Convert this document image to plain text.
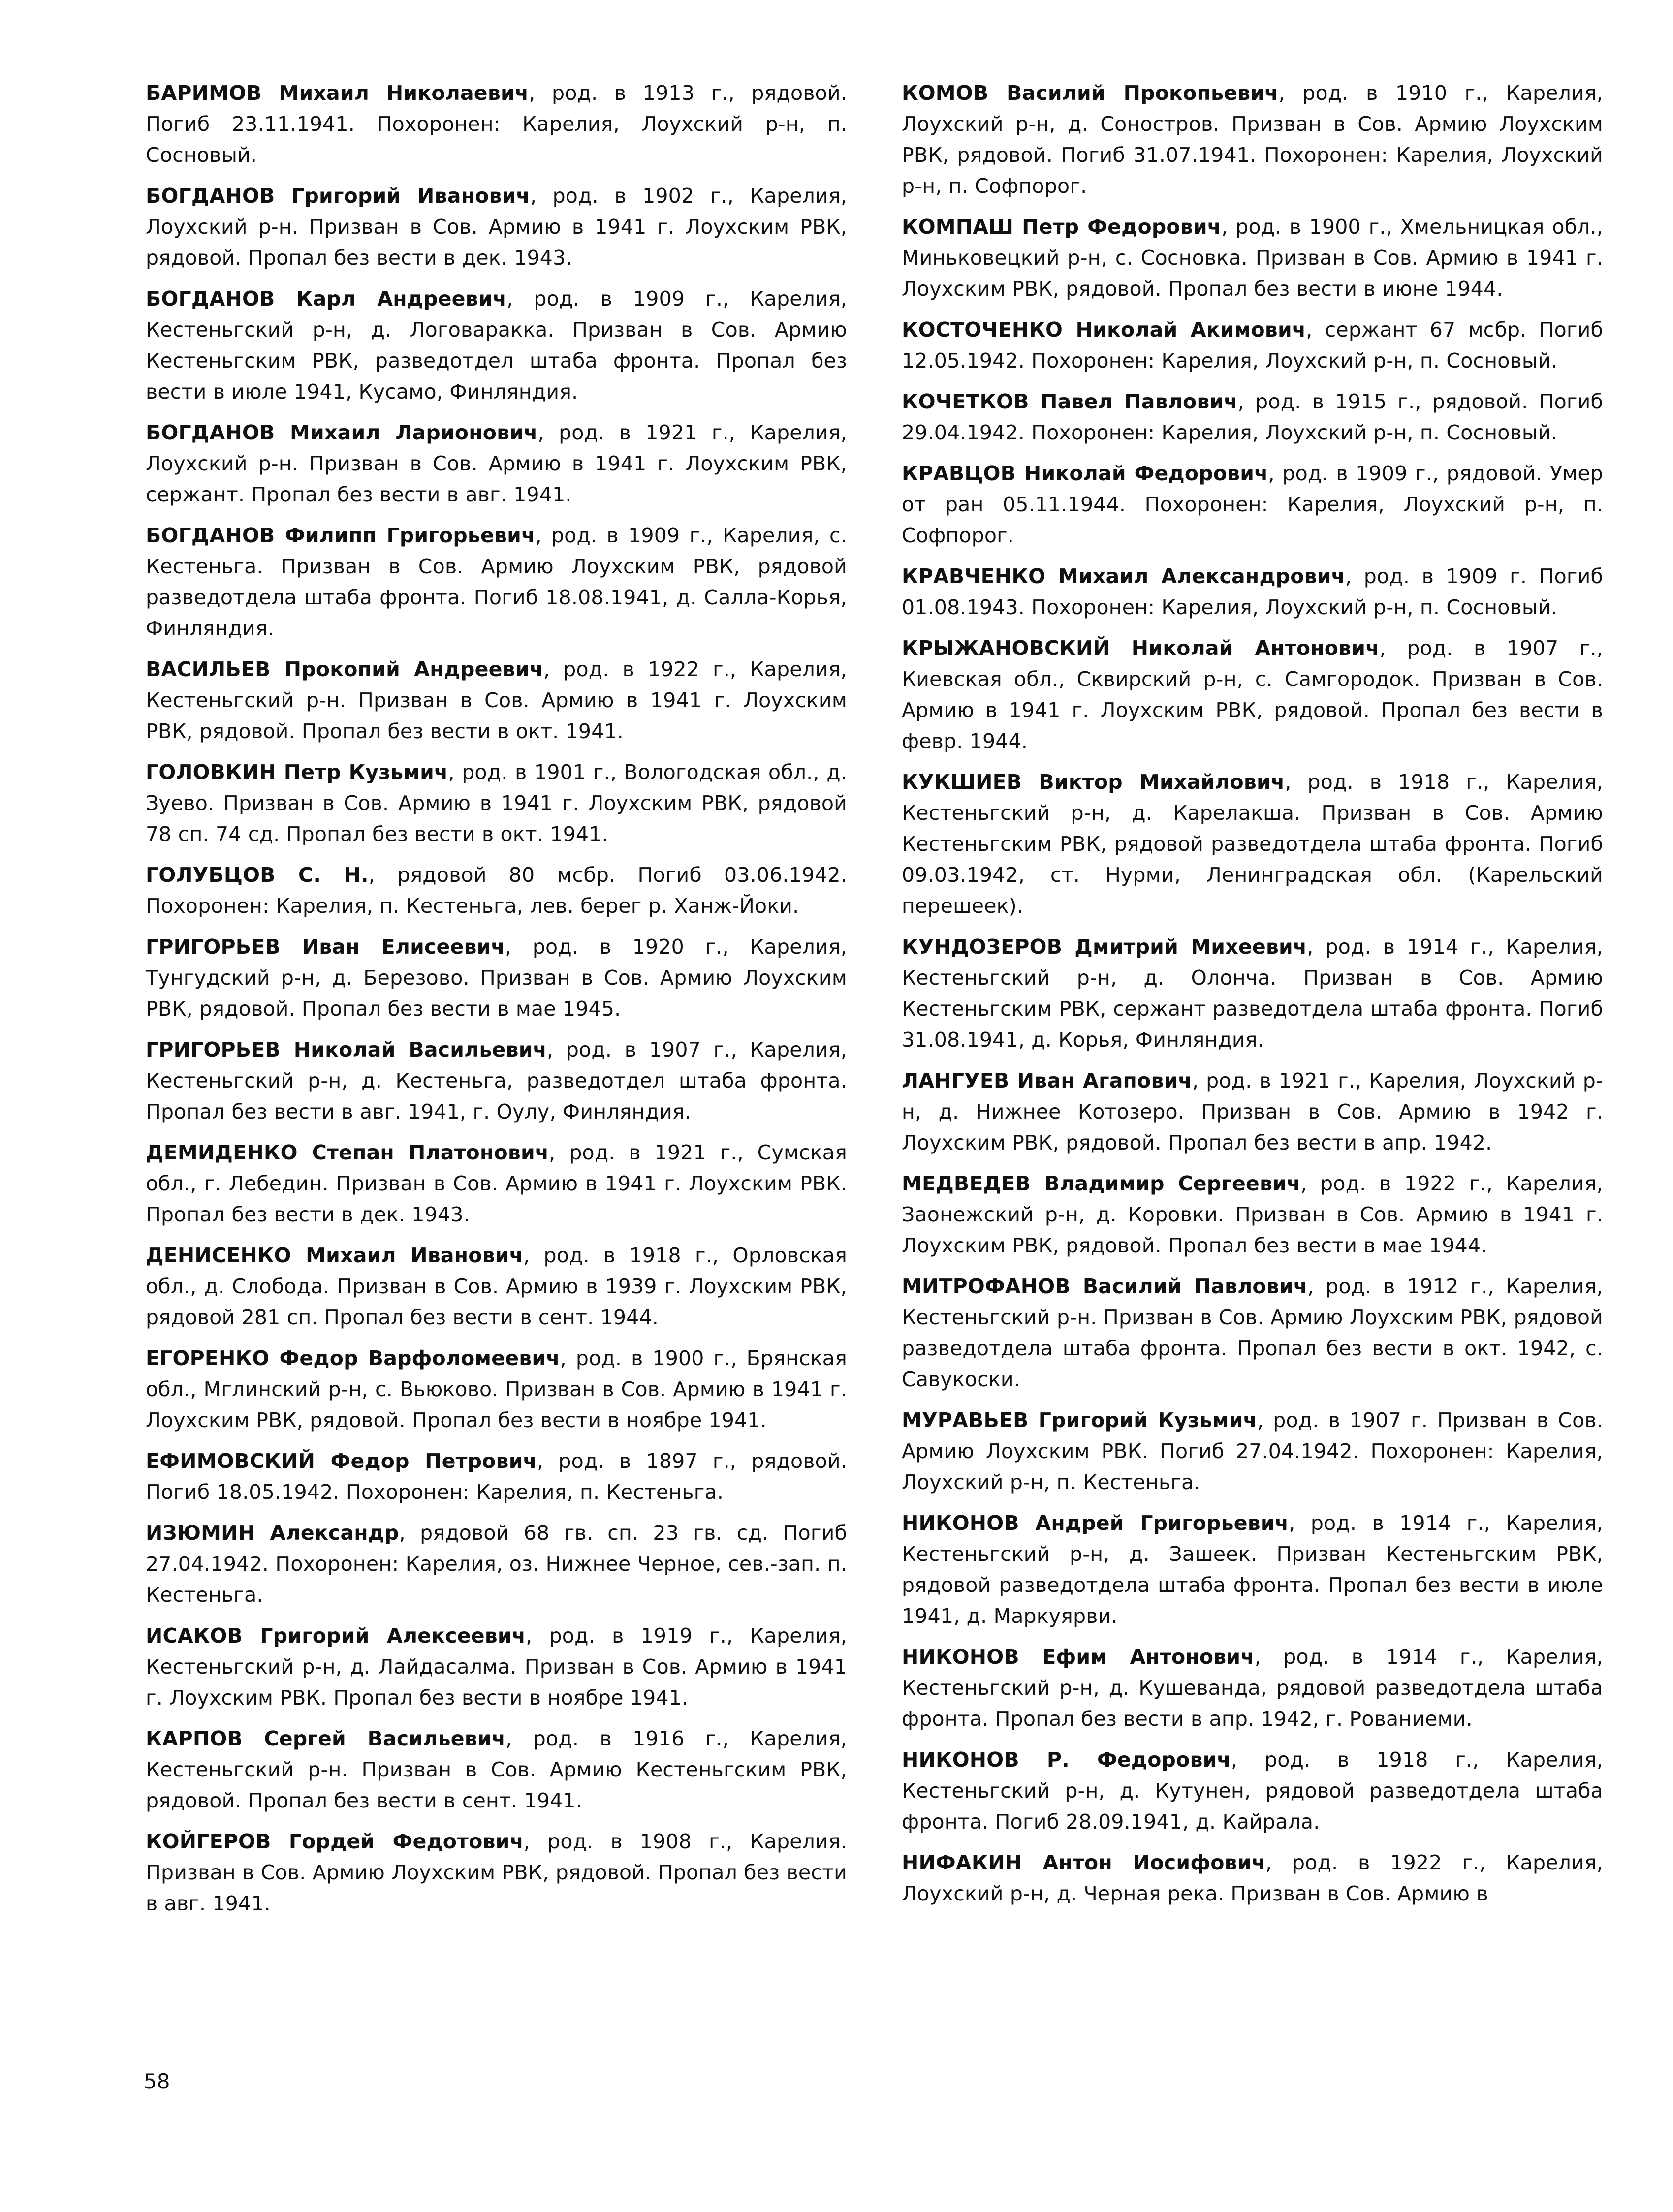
БАРИМОВ Михаил Николаевич, род. в 1913 г., рядовой. Погиб 23.11.1941. Похоронен: Карелия, Лоухский р-н, п. Сосновый.

БОГДАНОВ Григорий Иванович, род. в 1902 г., Карелия, Лоухский р-н. Призван в Сов. Армию в 1941 г. Лоухским РВК, рядовой. Пропал без вести в дек. 1943.

БОГДАНОВ Карл Андреевич, род. в 1909 г., Карелия, Кестеньгский р-н, д. Логоваракка. Призван в Сов. Армию Кестеньгским РВК, разведотдел штаба фронта. Пропал без вести в июле 1941, Кусамо, Финляндия.

БОГДАНОВ Михаил Ларионович, род. в 1921 г., Карелия, Лоухский р-н. Призван в Сов. Армию в 1941 г. Лоухским РВК, сержант. Пропал без вести в авг. 1941.

БОГДАНОВ Филипп Григорьевич, род. в 1909 г., Карелия, с. Кестеньга. Призван в Сов. Армию Лоухским РВК, рядовой разведотдела штаба фронта. Погиб 18.08.1941, д. Салла-Корья, Финляндия.

ВАСИЛЬЕВ Прокопий Андреевич, род. в 1922 г., Карелия, Кестеньгский р-н. Призван в Сов. Армию в 1941 г. Лоухским РВК, рядовой. Пропал без вести в окт. 1941.

ГОЛОВКИН Петр Кузьмич, род. в 1901 г., Вологодская обл., д. Зуево. Призван в Сов. Армию в 1941 г. Лоухским РВК, рядовой 78 сп. 74 сд. Пропал без вести в окт. 1941.

ГОЛУБЦОВ С. Н., рядовой 80 мсбр. Погиб 03.06.1942. Похоронен: Карелия, п. Кестеньга, лев. берег р. Ханж-Йоки.

ГРИГОРЬЕВ Иван Елисеевич, род. в 1920 г., Карелия, Тунгудский р-н, д. Березово. Призван в Сов. Армию Лоухским РВК, рядовой. Пропал без вести в мае 1945.

ГРИГОРЬЕВ Николай Васильевич, род. в 1907 г., Карелия, Кестеньгский р-н, д. Кестеньга, разведотдел штаба фронта. Пропал без вести в авг. 1941, г. Оулу, Финляндия.

ДЕМИДЕНКО Степан Платонович, род. в 1921 г., Сумская обл., г. Лебедин. Призван в Сов. Армию в 1941 г. Лоухским РВК. Пропал без вести в дек. 1943.

ДЕНИСЕНКО Михаил Иванович, род. в 1918 г., Орловская обл., д. Слобода. Призван в Сов. Армию в 1939 г. Лоухским РВК, рядовой 281 сп. Пропал без вести в сент. 1944.

ЕГОРЕНКО Федор Варфоломеевич, род. в 1900 г., Брянская обл., Мглинский р-н, с. Вьюково. Призван в Сов. Армию в 1941 г. Лоухским РВК, рядовой. Пропал без вести в ноябре 1941.

ЕФИМОВСКИЙ Федор Петрович, род. в 1897 г., рядовой. Погиб 18.05.1942. Похоронен: Карелия, п. Кестеньга.

ИЗЮМИН Александр, рядовой 68 гв. сп. 23 гв. сд. Погиб 27.04.1942. Похоронен: Карелия, оз. Нижнее Черное, сев.-зап. п. Кестеньга.

ИСАКОВ Григорий Алексеевич, род. в 1919 г., Карелия, Кестеньгский р-н, д. Лайдасалма. Призван в Сов. Армию в 1941 г. Лоухским РВК. Пропал без вести в ноябре 1941.

КАРПОВ Сергей Васильевич, род. в 1916 г., Карелия, Кестеньгский р-н. Призван в Сов. Армию Кестеньгским РВК, рядовой. Пропал без вести в сент. 1941.

КОЙГЕРОВ Гордей Федотович, род. в 1908 г., Карелия. Призван в Сов. Армию Лоухским РВК, рядовой. Пропал без вести в авг. 1941.

КОМОВ Василий Прокопьевич, род. в 1910 г., Карелия, Лоухский р-н, д. Соностров. Призван в Сов. Армию Лоухским РВК, рядовой. Погиб 31.07.1941. Похоронен: Карелия, Лоухский р-н, п. Софпорог.

КОМПАШ Петр Федорович, род. в 1900 г., Хмельницкая обл., Миньковецкий р-н, с. Сосновка. Призван в Сов. Армию в 1941 г. Лоухским РВК, рядовой. Пропал без вести в июне 1944.

КОСТОЧЕНКО Николай Акимович, сержант 67 мсбр. Погиб 12.05.1942. Похоронен: Карелия, Лоухский р-н, п. Сосновый.

КОЧЕТКОВ Павел Павлович, род. в 1915 г., рядовой. Погиб 29.04.1942. Похоронен: Карелия, Лоухский р-н, п. Сосновый.

КРАВЦОВ Николай Федорович, род. в 1909 г., рядовой. Умер от ран 05.11.1944. Похоронен: Карелия, Лоухский р-н, п. Софпорог.

КРАВЧЕНКО Михаил Александрович, род. в 1909 г. Погиб 01.08.1943. Похоронен: Карелия, Лоухский р-н, п. Сосновый.

КРЫЖАНОВСКИЙ Николай Антонович, род. в 1907 г., Киевская обл., Сквирский р-н, с. Самгородок. Призван в Сов. Армию в 1941 г. Лоухским РВК, рядовой. Пропал без вести в февр. 1944.

КУКШИЕВ Виктор Михайлович, род. в 1918 г., Карелия, Кестеньгский р-н, д. Карелакша. Призван в Сов. Армию Кестеньгским РВК, рядовой разведотдела штаба фронта. Погиб 09.03.1942, ст. Нурми, Ленинградская обл. (Карельский перешеек).

КУНДОЗЕРОВ Дмитрий Михеевич, род. в 1914 г., Карелия, Кестеньгский р-н, д. Олонча. Призван в Сов. Армию Кестеньгским РВК, сержант разведотдела штаба фронта. Погиб 31.08.1941, д. Корья, Финляндия.

ЛАНГУЕВ Иван Агапович, род. в 1921 г., Карелия, Лоухский р-н, д. Нижнее Котозеро. Призван в Сов. Армию в 1942 г. Лоухским РВК, рядовой. Пропал без вести в апр. 1942.

МЕДВЕДЕВ Владимир Сергеевич, род. в 1922 г., Карелия, Заонежский р-н, д. Коровки. Призван в Сов. Армию в 1941 г. Лоухским РВК, рядовой. Пропал без вести в мае 1944.

МИТРОФАНОВ Василий Павлович, род. в 1912 г., Карелия, Кестеньгский р-н. Призван в Сов. Армию Лоухским РВК, рядовой разведотдела штаба фронта. Пропал без вести в окт. 1942, с. Савукоски.

МУРАВЬЕВ Григорий Кузьмич, род. в 1907 г. Призван в Сов. Армию Лоухским РВК. Погиб 27.04.1942. Похоронен: Карелия, Лоухский р-н, п. Кестеньга.

НИКОНОВ Андрей Григорьевич, род. в 1914 г., Карелия, Кестеньгский р-н, д. Зашеек. Призван Кестеньгским РВК, рядовой разведотдела штаба фронта. Пропал без вести в июле 1941, д. Маркуярви.

НИКОНОВ Ефим Антонович, род. в 1914 г., Карелия, Кестеньгский р-н, д. Кушеванда, рядовой разведотдела штаба фронта. Пропал без вести в апр. 1942, г. Рованиеми.

НИКОНОВ Р. Федорович, род. в 1918 г., Карелия, Кестеньгский р-н, д. Кутунен, рядовой разведотдела штаба фронта. Погиб 28.09.1941, д. Кайрала.

НИФАКИН Антон Иосифович, род. в 1922 г., Карелия, Лоухский р-н, д. Черная река. Призван в Сов. Армию в

58
